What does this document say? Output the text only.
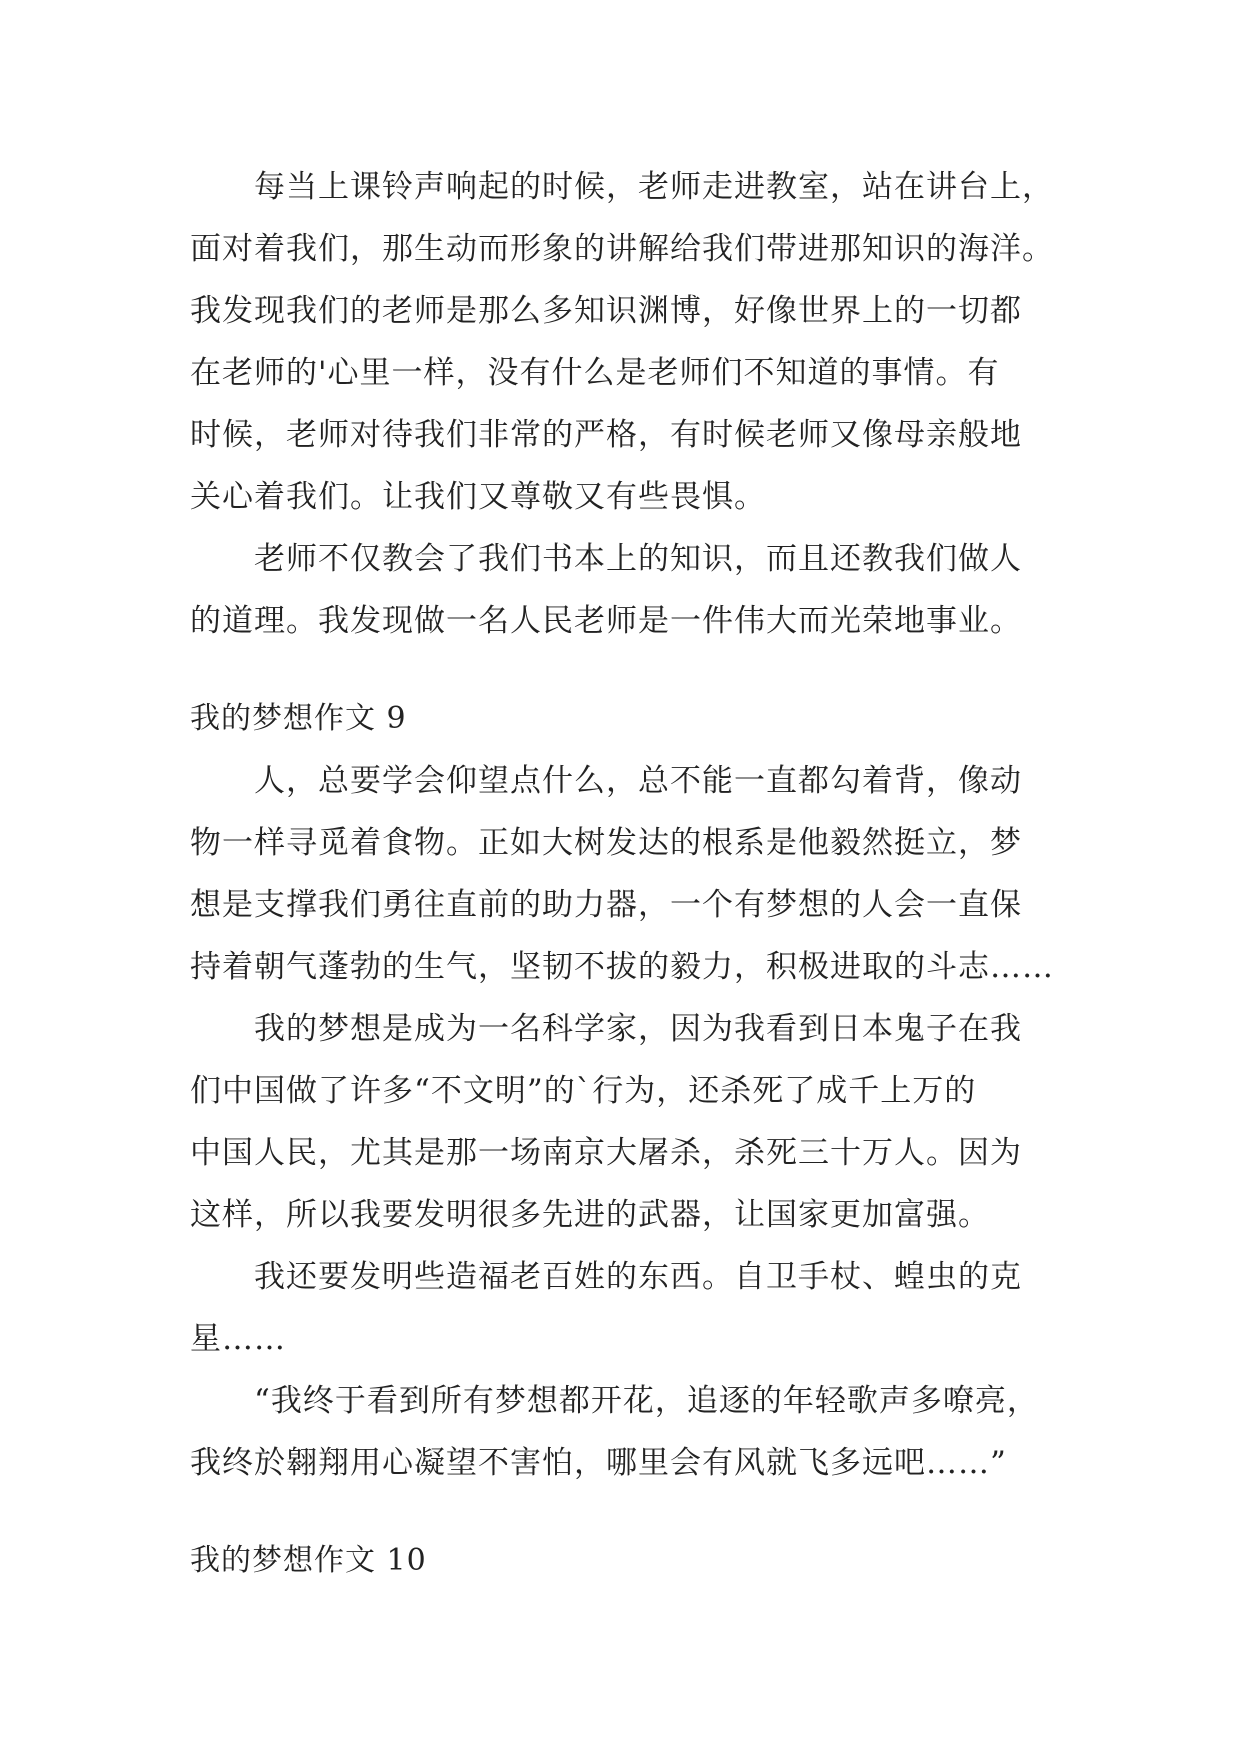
每当上课铃声响起的时候，老师走进教室，站在讲台上，
面对着我们，那生动而形象的讲解给我们带进那知识的海洋。
我发现我们的老师是那么多知识渊博，好像世界上的一切都
在老师的'心里一样，没有什么是老师们不知道的事情。有
时候，老师对待我们非常的严格，有时候老师又像母亲般地
关心着我们。让我们又尊敬又有些畏惧。
老师不仅教会了我们书本上的知识，而且还教我们做人
的道理。我发现做一名人民老师是一件伟大而光荣地事业。
我的梦想作文 9
人，总要学会仰望点什么，总不能一直都勾着背，像动
物一样寻觅着食物。正如大树发达的根系是他毅然挺立，梦
想是支撑我们勇往直前的助力器，一个有梦想的人会一直保
持着朝气蓬勃的生气，坚韧不拔的毅力，积极进取的斗志……
我的梦想是成为一名科学家，因为我看到日本鬼子在我
们中国做了许多“不文明”的`行为，还杀死了成千上万的
中国人民，尤其是那一场南京大屠杀，杀死三十万人。因为
这样，所以我要发明很多先进的武器，让国家更加富强。
我还要发明些造福老百姓的东西。自卫手杖、蝗虫的克
星……
“我终于看到所有梦想都开花，追逐的年轻歌声多嘹亮，
我终於翱翔用心凝望不害怕，哪里会有风就飞多远吧……”
我的梦想作文 10
